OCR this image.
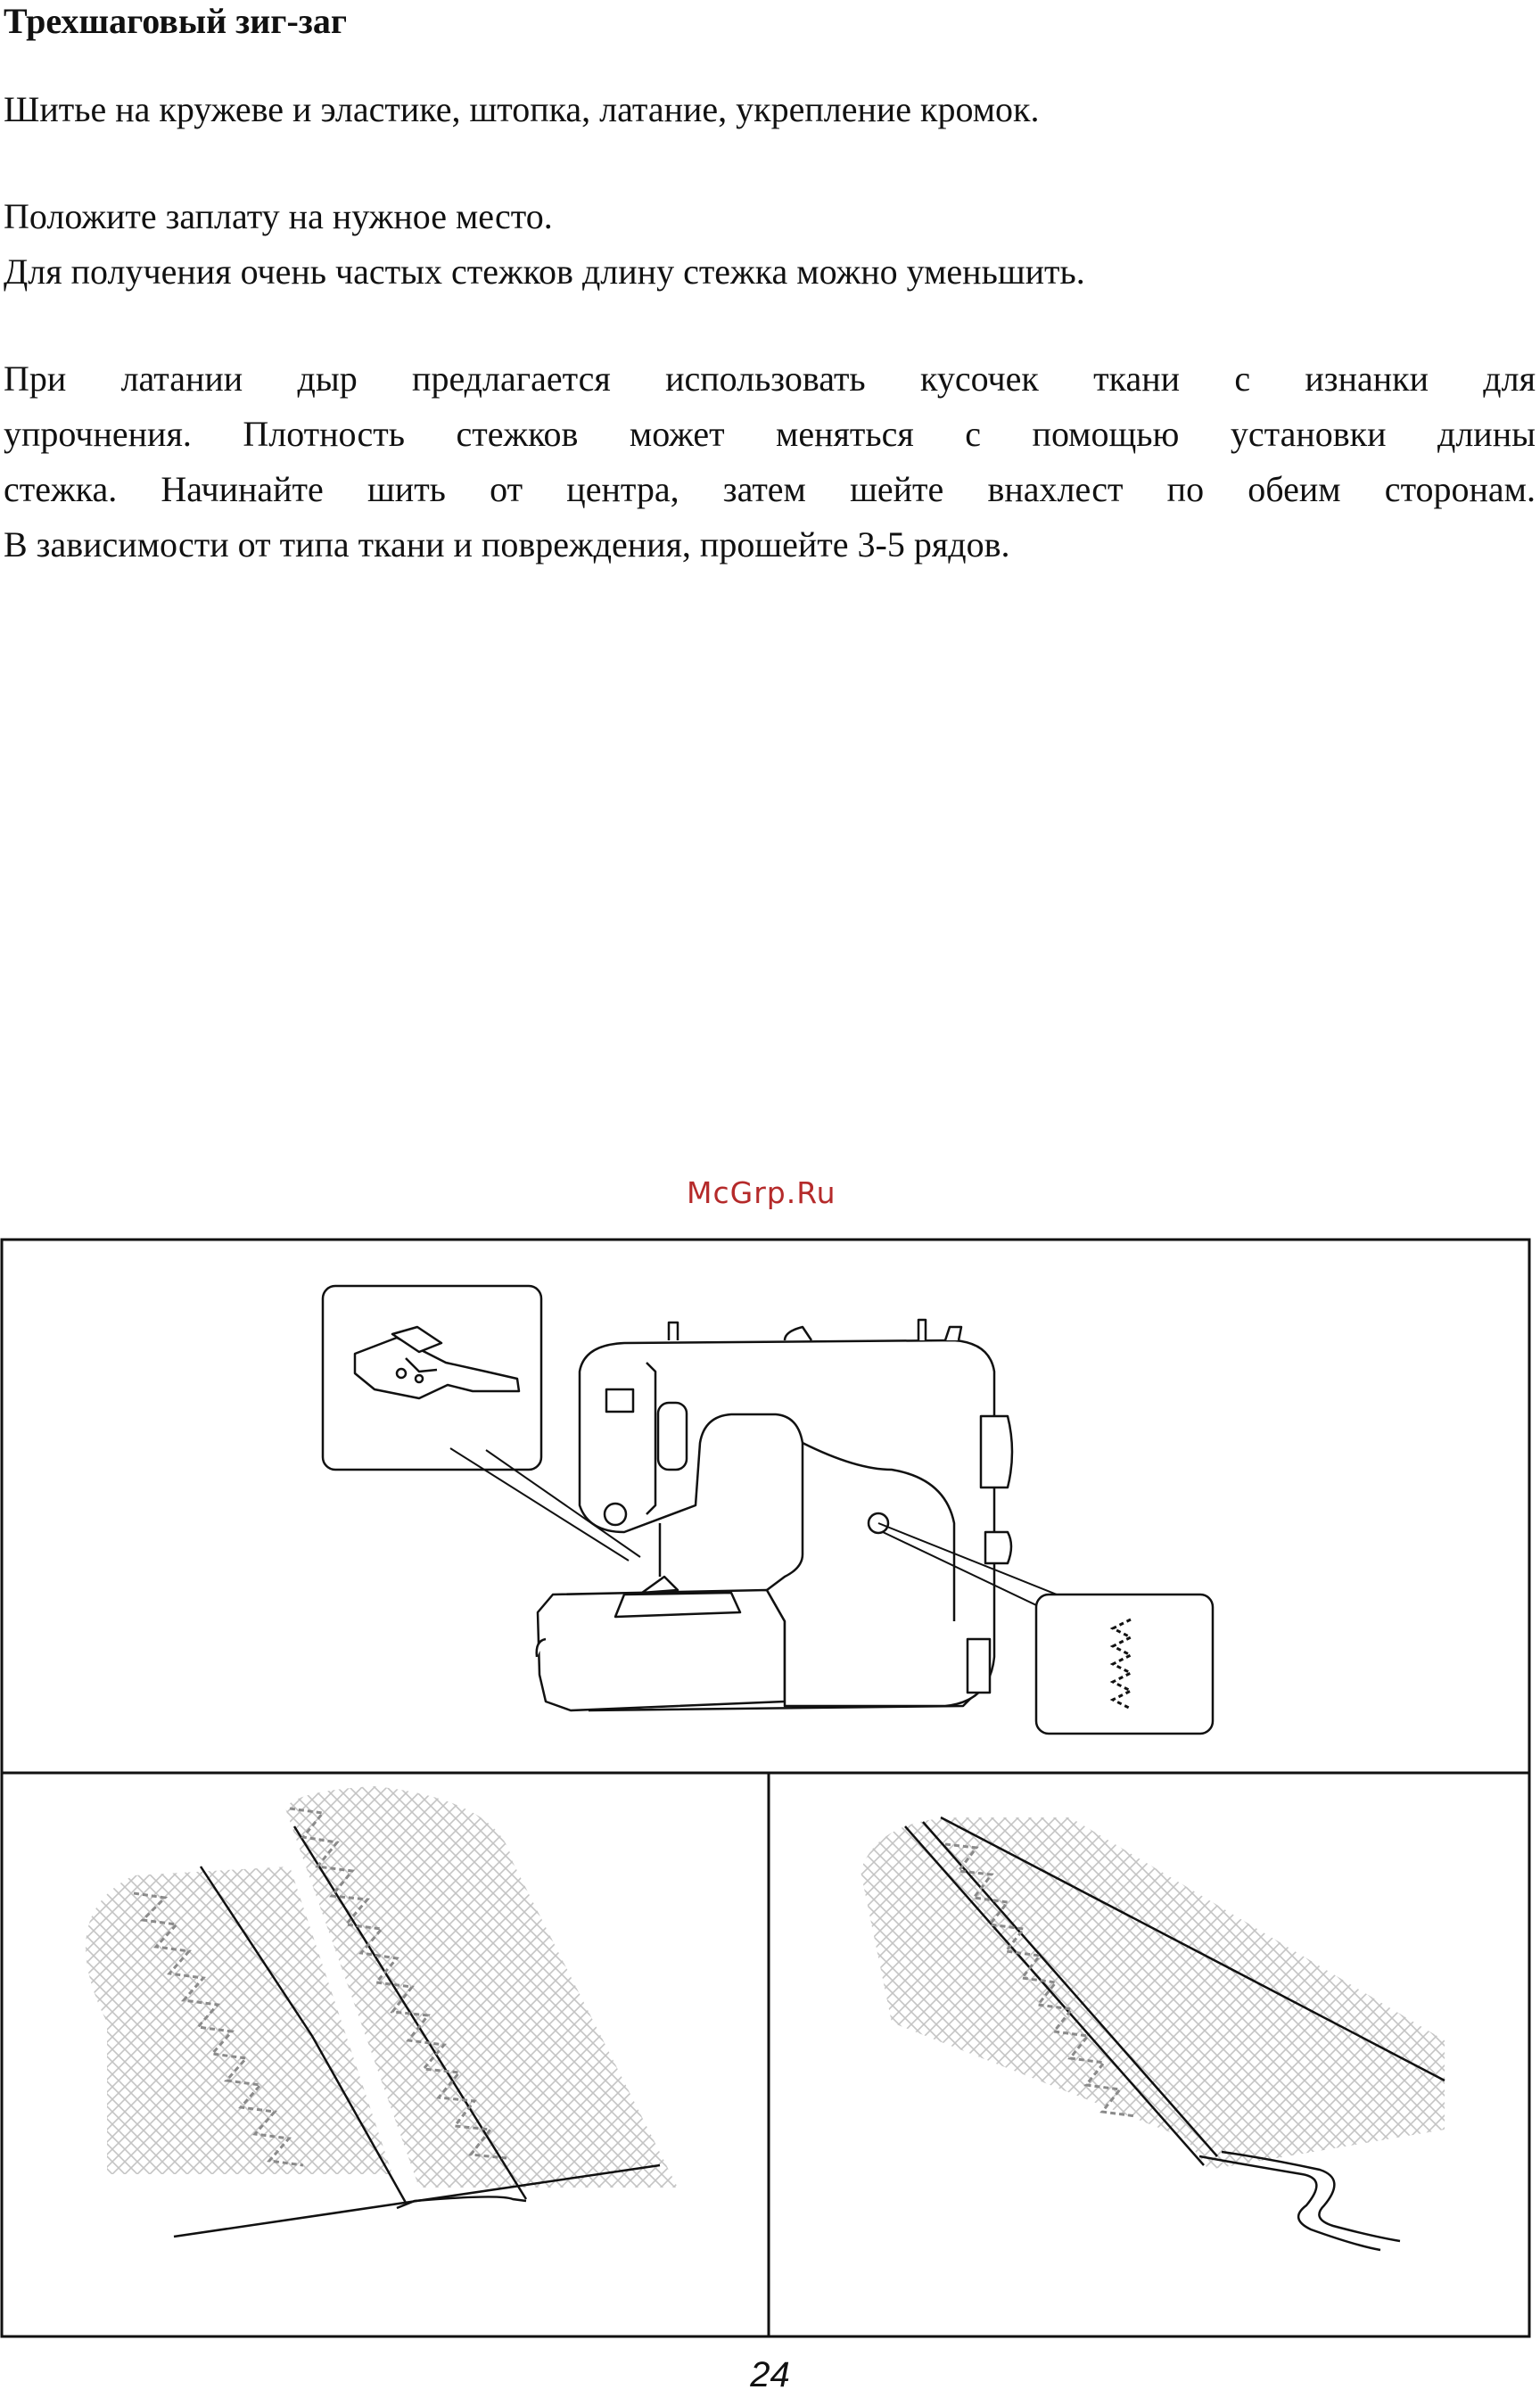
Трехшаговый зиг-заг

Шитье на кружеве и эластике, штопка, латание, укрепление кромок.

Положите заплату на нужное место.
Для получения очень частых стежков длину стежка можно уменьшить.

При латании дыр предлагается использовать кусочек ткани с изнанки для
упрочнения. Плотность стежков может меняться с помощью установки длины
стежка. Начинайте шить от центра, затем шейте внахлест по обеим сторонам.
В зависимости от типа ткани и повреждения, прошейте 3-5 рядов.
McGrp.Ru
24
